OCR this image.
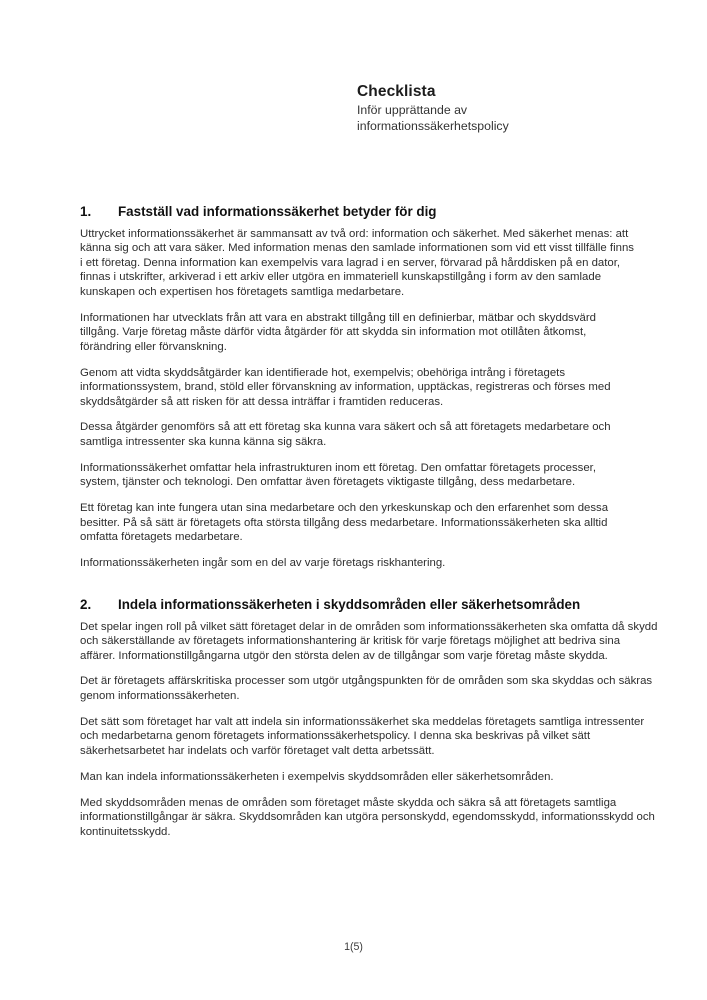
Checklista
Inför upprättande av
informationssäkerhetspolicy
1.	Fastställ vad informationssäkerhet betyder för dig

Uttrycket informationssäkerhet är sammansatt av två ord: information och säkerhet. Med säkerhet menas: att känna sig och att vara säker. Med information menas den samlade informationen som vid ett visst tillfälle finns i ett företag. Denna information kan exempelvis vara lagrad i en server, förvarad på hårddisken på en dator, finnas i utskrifter, arkiverad i ett arkiv eller utgöra en immateriell kunskapstillgång i form av den samlade kunskapen och expertisen hos företagets samtliga medarbetare.

Informationen har utvecklats från att vara en abstrakt tillgång till en definierbar, mätbar och skyddsvärd tillgång. Varje företag måste därför vidta åtgärder för att skydda sin information mot otillåten åtkomst, förändring eller förvanskning.

Genom att vidta skyddsåtgärder kan identifierade hot, exempelvis; obehöriga intrång i företagets informationssystem, brand, stöld eller förvanskning av information, upptäckas, registreras och förses med skyddsåtgärder så att risken för att dessa inträffar i framtiden reduceras.

Dessa åtgärder genomförs så att ett företag ska kunna vara säkert och så att företagets medarbetare och samtliga intressenter ska kunna känna sig säkra.

Informationssäkerhet omfattar hela infrastrukturen inom ett företag. Den omfattar företagets processer, system, tjänster och teknologi. Den omfattar även företagets viktigaste tillgång, dess medarbetare.

Ett företag kan inte fungera utan sina medarbetare och den yrkeskunskap och den erfarenhet som dessa besitter. På så sätt är företagets ofta största tillgång dess medarbetare. Informationssäkerheten ska alltid omfatta företagets medarbetare.

Informationssäkerheten ingår som en del av varje företags riskhantering.

2.	Indela informationssäkerheten i skyddsområden eller säkerhetsområden

Det spelar ingen roll på vilket sätt företaget delar in de områden som informationssäkerheten ska omfatta då skydd och säkerställande av företagets informationshantering är kritisk för varje företags möjlighet att bedriva sina affärer. Informationstillgångarna utgör den största delen av de tillgångar som varje företag måste skydda.

Det är företagets affärskritiska processer som utgör utgångspunkten för de områden som ska skyddas och säkras genom informationssäkerheten.

Det sätt som företaget har valt att indela sin informationssäkerhet ska meddelas företagets samtliga intressenter och medarbetarna genom företagets informationssäkerhetspolicy. I denna ska beskrivas på vilket sätt säkerhetsarbetet har indelats och varför företaget valt detta arbetssätt.

Man kan indela informationssäkerheten i exempelvis skyddsområden eller säkerhetsområden.

Med skyddsområden menas de områden som företaget måste skydda och säkra så att företagets samtliga informationstillgångar är säkra. Skyddsområden kan utgöra personskydd, egendomsskydd, informationsskydd och kontinuitetsskydd.

1(5)
